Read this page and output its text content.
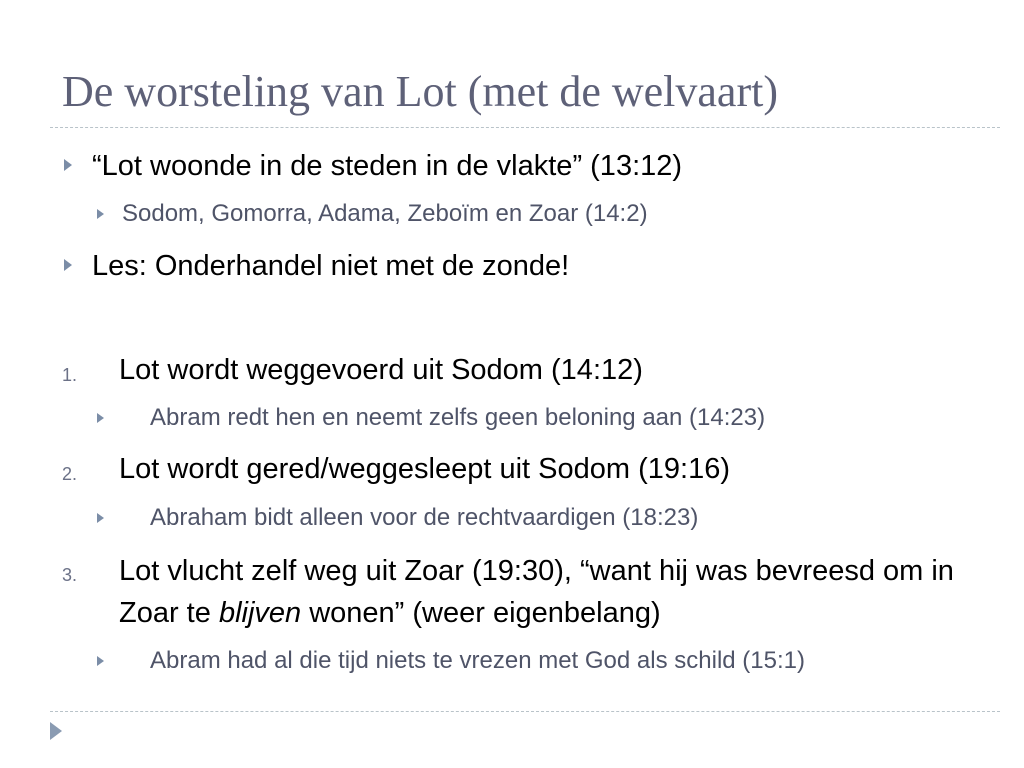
De worsteling van Lot (met de welvaart)
“Lot woonde in de steden in de vlakte” (13:12)
Sodom, Gomorra, Adama, Zeboïm en Zoar (14:2)
Les: Onderhandel niet met de zonde!
1. Lot wordt weggevoerd uit Sodom (14:12)
Abram redt hen en neemt zelfs geen beloning aan (14:23)
2. Lot wordt gered/weggesleept uit Sodom (19:16)
Abraham bidt alleen voor de rechtvaardigen (18:23)
3. Lot vlucht zelf weg uit Zoar (19:30), “want hij was bevreesd om in Zoar te blijven wonen” (weer eigenbelang)
Abram had al die tijd niets te vrezen met God als schild (15:1)
